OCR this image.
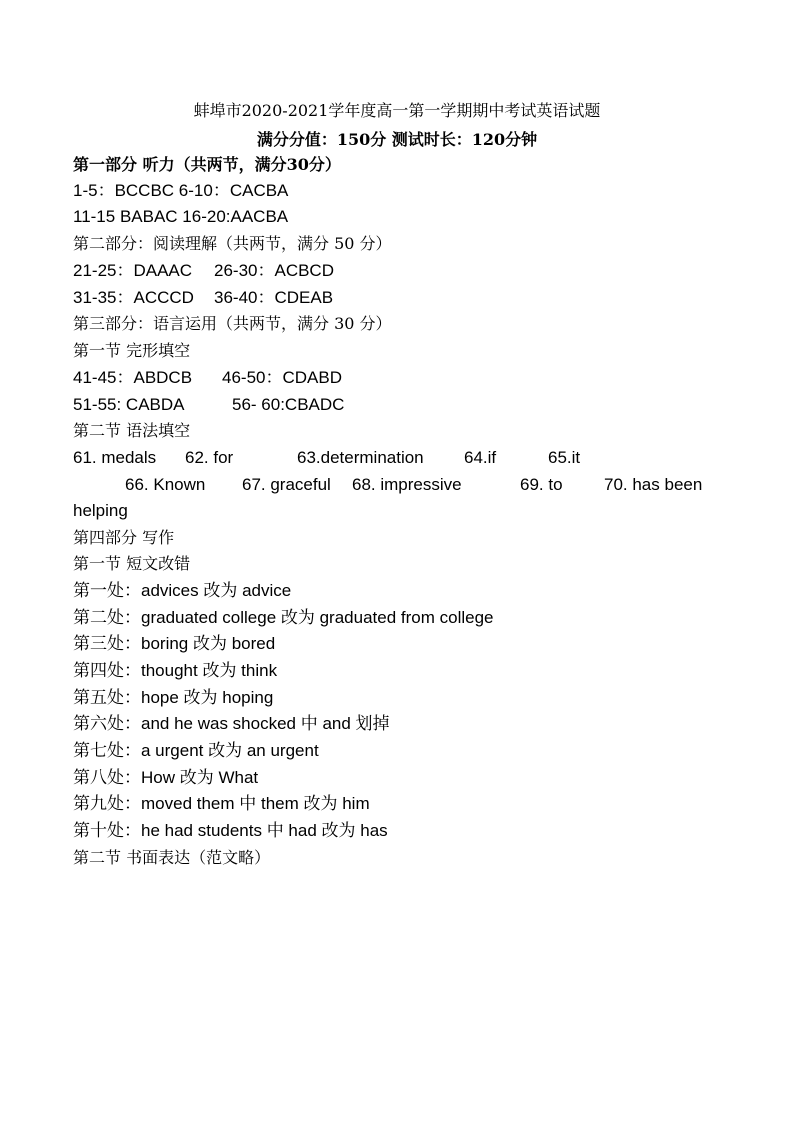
蚌埠市2020-2021学年度高一第一学期期中考试英语试题
满分分值：150分 测试时长：120分钟
第一部分 听力（共两节，满分30分）
1-5：BCCBC 6-10：CACBA
11-15 BABAC 16-20:AACBA
第二部分：阅读理解（共两节，满分 50 分）
21-25：DAAAC 26-30：ACBCD
31-35：ACCCD 36-40：CDEAB
第三部分：语言运用（共两节，满分 30 分）
第一节 完形填空
41-45：ABDCB 46-50：CDABD
51-55: CABDA	56- 60:CBADC
第二节 语法填空
61. medals 62. for	63.determination 64.if	65.it
66. Known 67. graceful 68. impressive	69. to 70. has been
helping
第四部分 写作
第一节 短文改错
第一处：advices 改为 advice
第二处：graduated college 改为 graduated from college
第三处：boring 改为 bored
第四处：thought 改为 think
第五处：hope 改为 hoping
第六处：and he was shocked 中 and 划掉
第七处：a urgent 改为 an urgent
第八处：How 改为 What
第九处：moved them 中 them 改为 him
第十处：he had students 中 had 改为 has
第二节 书面表达（范文略）
